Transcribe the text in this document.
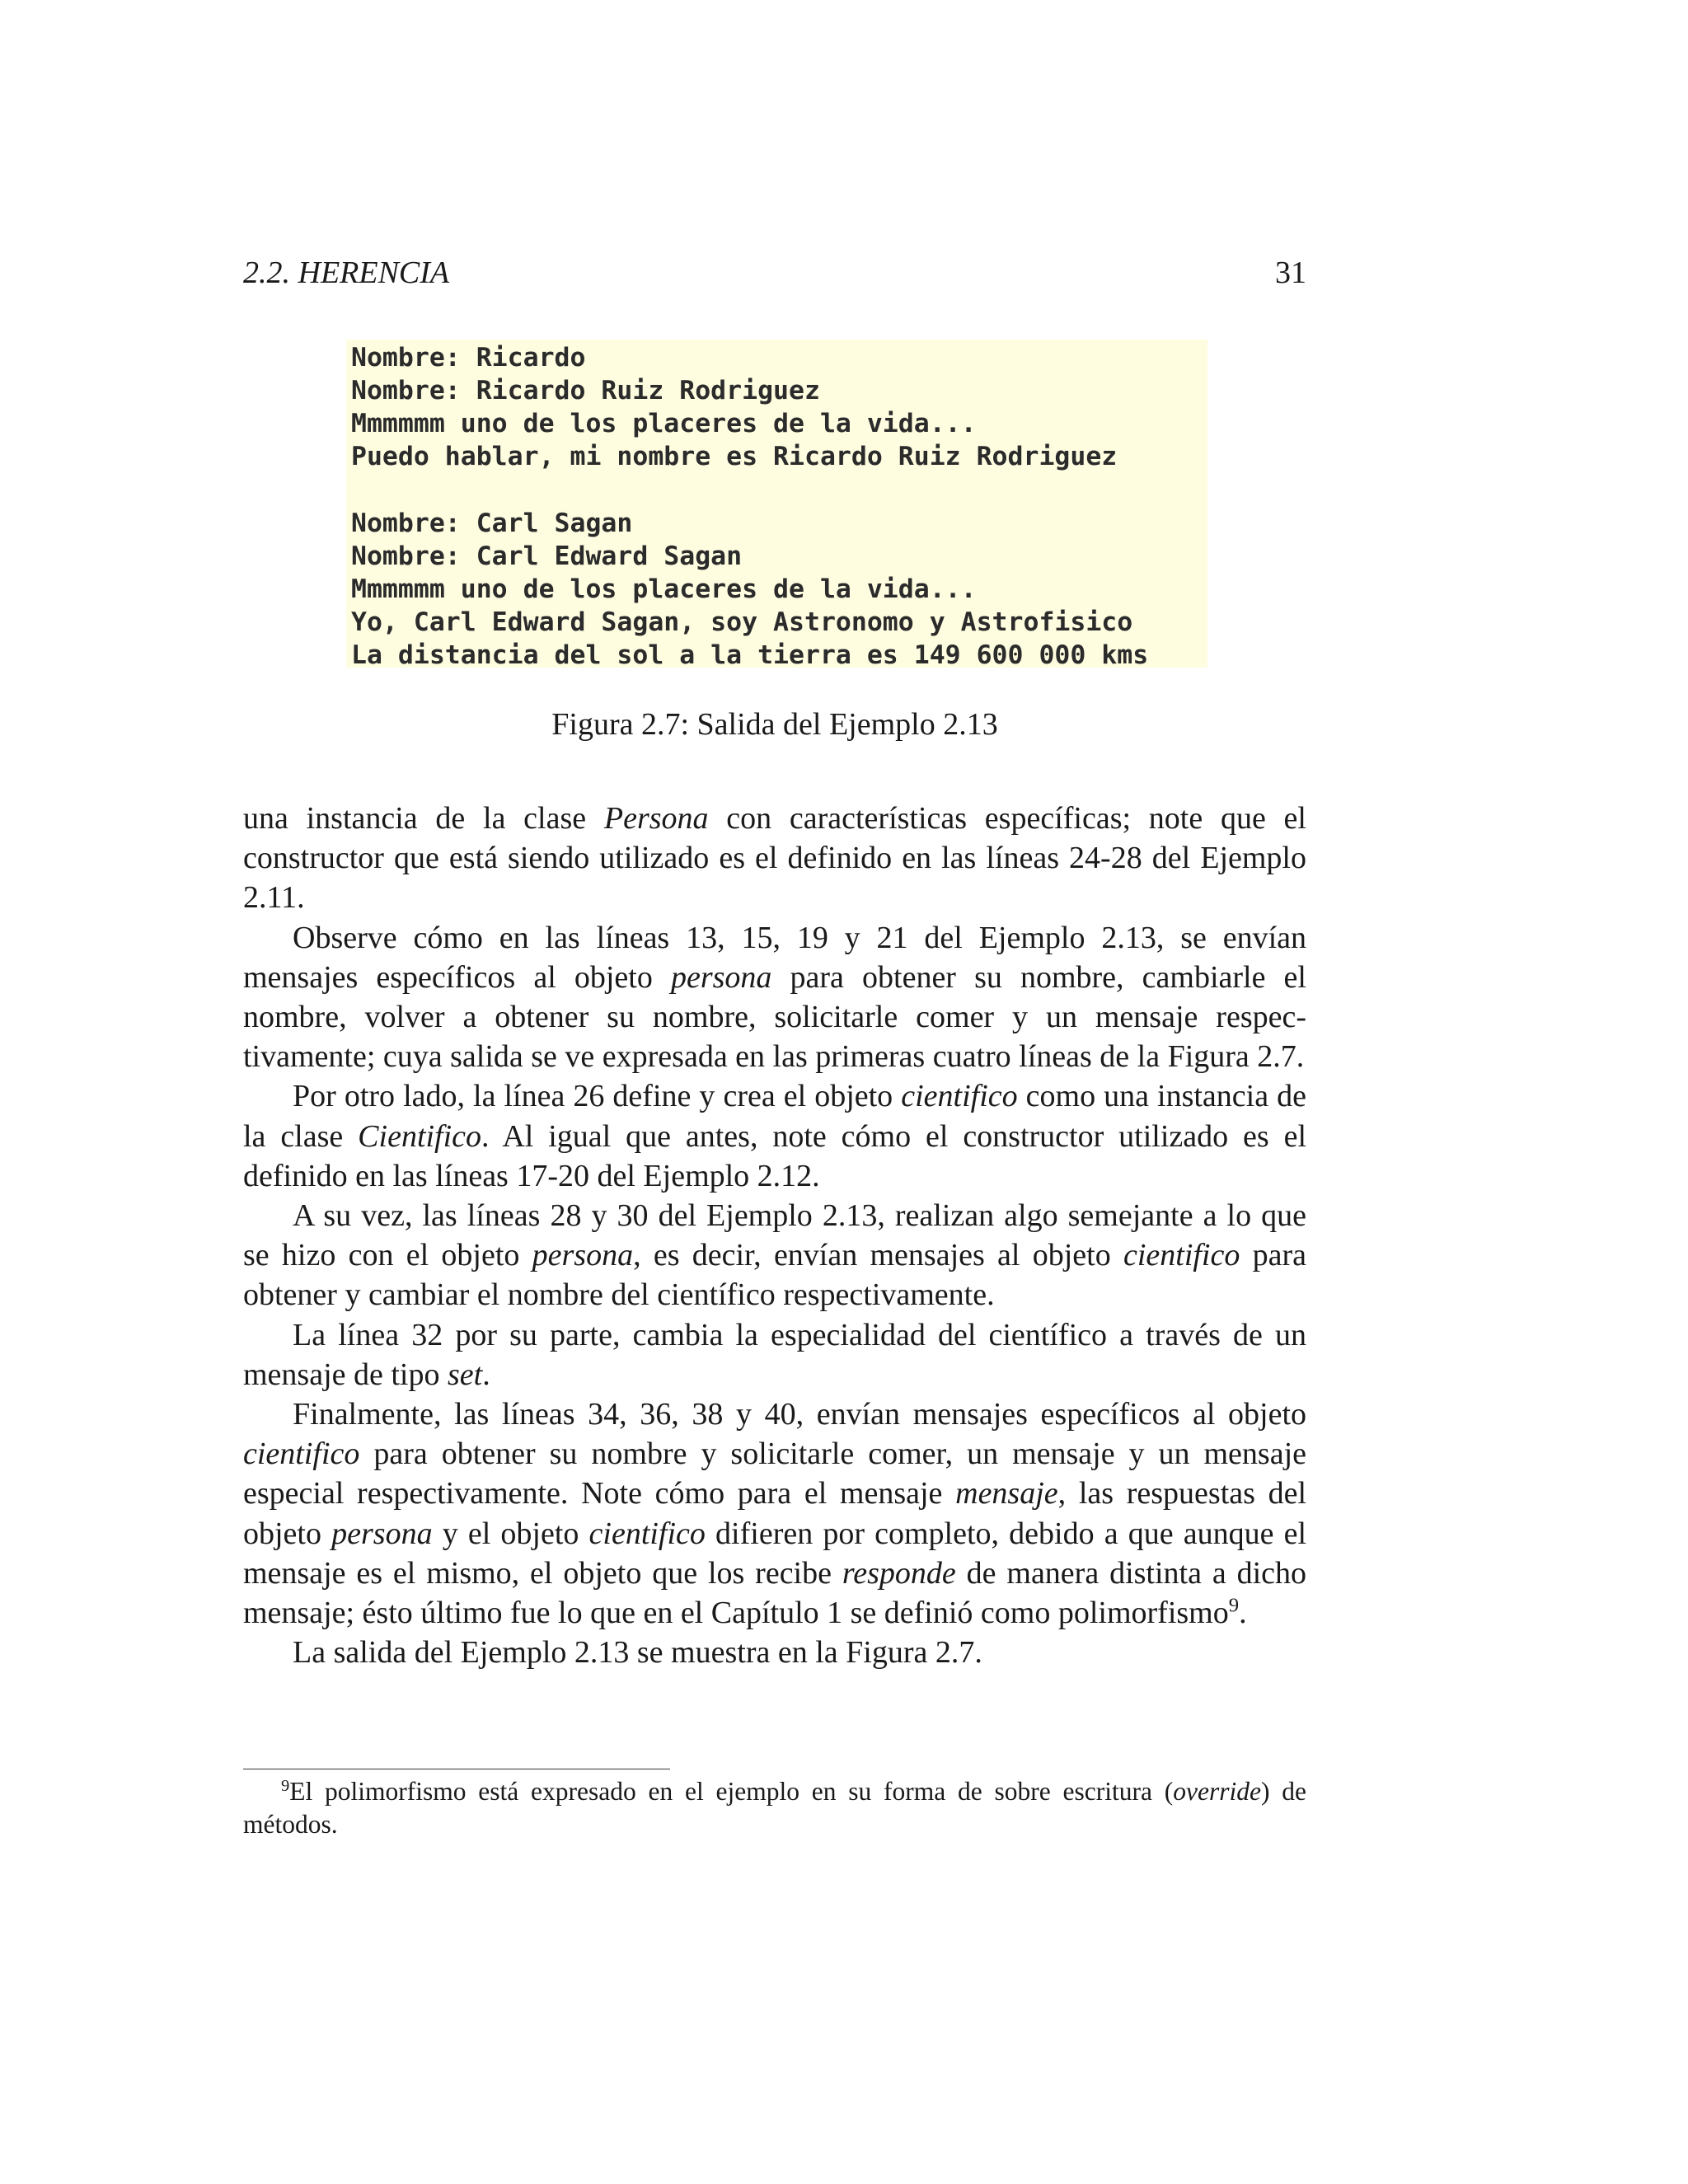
2.2. HERENCIA	31
Nombre: Ricardo
Nombre: Ricardo Ruiz Rodriguez
Mmmmmm uno de los placeres de la vida...
Puedo hablar, mi nombre es Ricardo Ruiz Rodriguez
Nombre: Carl Sagan
Nombre: Carl Edward Sagan
Mmmmmm uno de los placeres de la vida...
Yo, Carl Edward Sagan, soy Astronomo y Astrofisico
La distancia del sol a la tierra es 149 600 000 kms
Figura 2.7: Salida del Ejemplo 2.13

una instancia de la clase Persona con características específicas; note que el constructor que está siendo utilizado es el definido en las líneas 24-28 del Ejemplo 2.11.

Observe cómo en las líneas 13, 15, 19 y 21 del Ejemplo 2.13, se envían mensajes específicos al objeto persona para obtener su nombre, cambiarle el nombre, volver a obtener su nombre, solicitarle comer y un mensaje respectivamente; cuya salida se ve expresada en las primeras cuatro líneas de la Figura 2.7.

Por otro lado, la línea 26 define y crea el objeto cientifico como una instancia de la clase Cientifico. Al igual que antes, note cómo el constructor utilizado es el definido en las líneas 17-20 del Ejemplo 2.12.

A su vez, las líneas 28 y 30 del Ejemplo 2.13, realizan algo semejante a lo que se hizo con el objeto persona, es decir, envían mensajes al objeto cientifico para obtener y cambiar el nombre del científico respectivamente.

La línea 32 por su parte, cambia la especialidad del científico a través de un mensaje de tipo set.

Finalmente, las líneas 34, 36, 38 y 40, envían mensajes específicos al objeto cientifico para obtener su nombre y solicitarle comer, un mensaje y un mensaje especial respectivamente. Note cómo para el mensaje mensaje, las respuestas del objeto persona y el objeto cientifico difieren por completo, debido a que aunque el mensaje es el mismo, el objeto que los recibe responde de manera distinta a dicho mensaje; ésto último fue lo que en el Capítulo 1 se definió como polimorfismo$^9$.

La salida del Ejemplo 2.13 se muestra en la Figura 2.7.

$^9$El polimorfismo está expresado en el ejemplo en su forma de sobre escritura (override) de métodos.
